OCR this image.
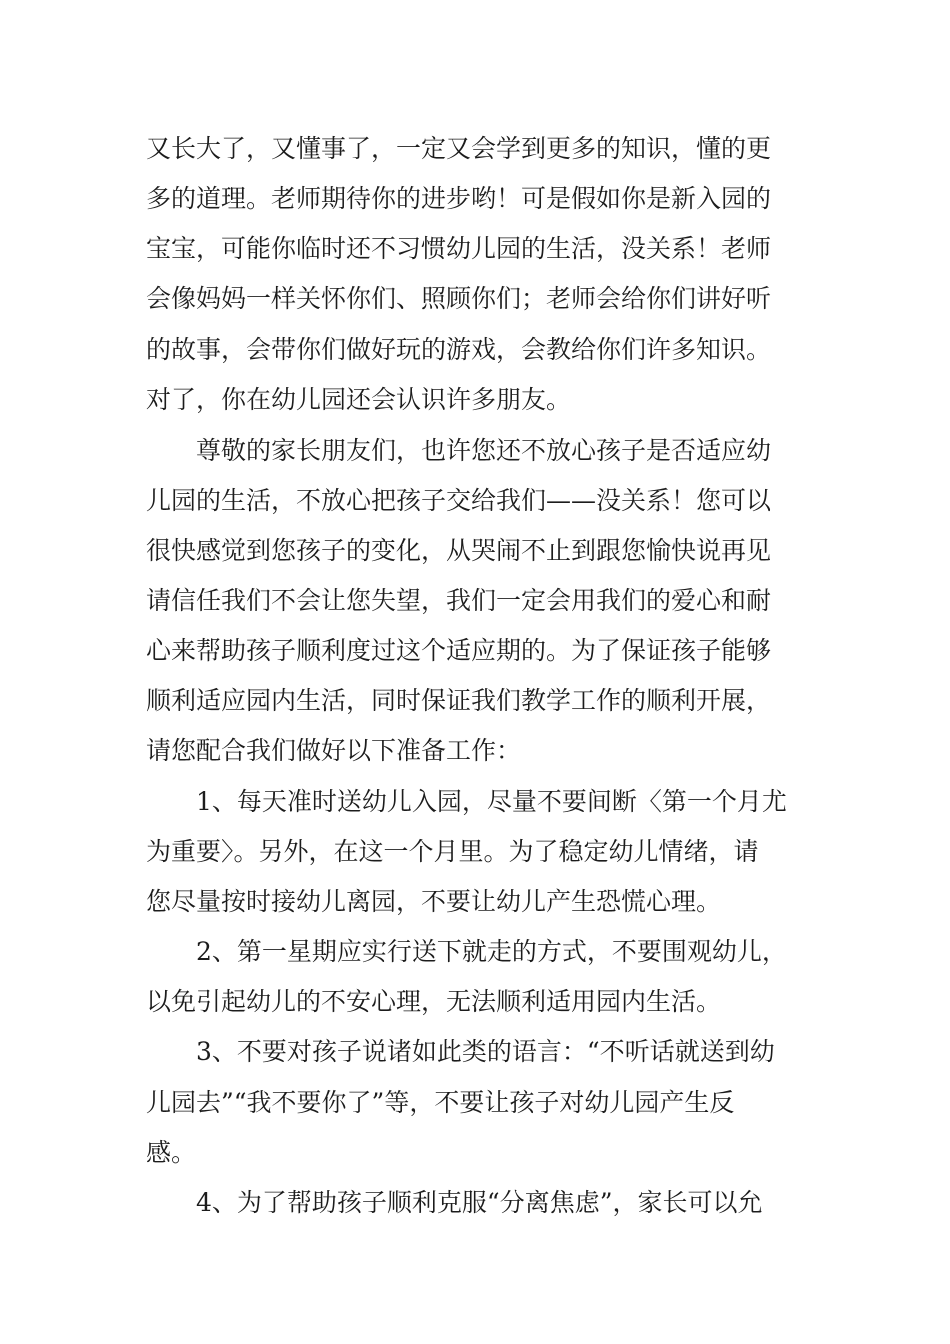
又长大了，又懂事了，一定又会学到更多的知识，懂的更
多的道理。老师期待你的进步哟！可是假如你是新入园的
宝宝，可能你临时还不习惯幼儿园的生活，没关系！老师
会像妈妈一样关怀你们、照顾你们；老师会给你们讲好听
的故事，会带你们做好玩的游戏，会教给你们许多知识。
对了，你在幼儿园还会认识许多朋友。
尊敬的家长朋友们，也许您还不放心孩子是否适应幼
儿园的生活，不放心把孩子交给我们——没关系！您可以
很快感觉到您孩子的变化，从哭闹不止到跟您愉快说再见
请信任我们不会让您失望，我们一定会用我们的爱心和耐
心来帮助孩子顺利度过这个适应期的。为了保证孩子能够
顺利适应园内生活，同时保证我们教学工作的顺利开展，
请您配合我们做好以下准备工作：
1、每天准时送幼儿入园，尽量不要间断〈第一个月尤
为重要〉。另外，在这一个月里。为了稳定幼儿情绪，请
您尽量按时接幼儿离园，不要让幼儿产生恐慌心理。
2、第一星期应实行送下就走的方式，不要围观幼儿，
以免引起幼儿的不安心理，无法顺利适用园内生活。
3、不要对孩子说诸如此类的语言：“不听话就送到幼
儿园去”“我不要你了”等，不要让孩子对幼儿园产生反
感。
4、为了帮助孩子顺利克服“分离焦虑”，家长可以允
